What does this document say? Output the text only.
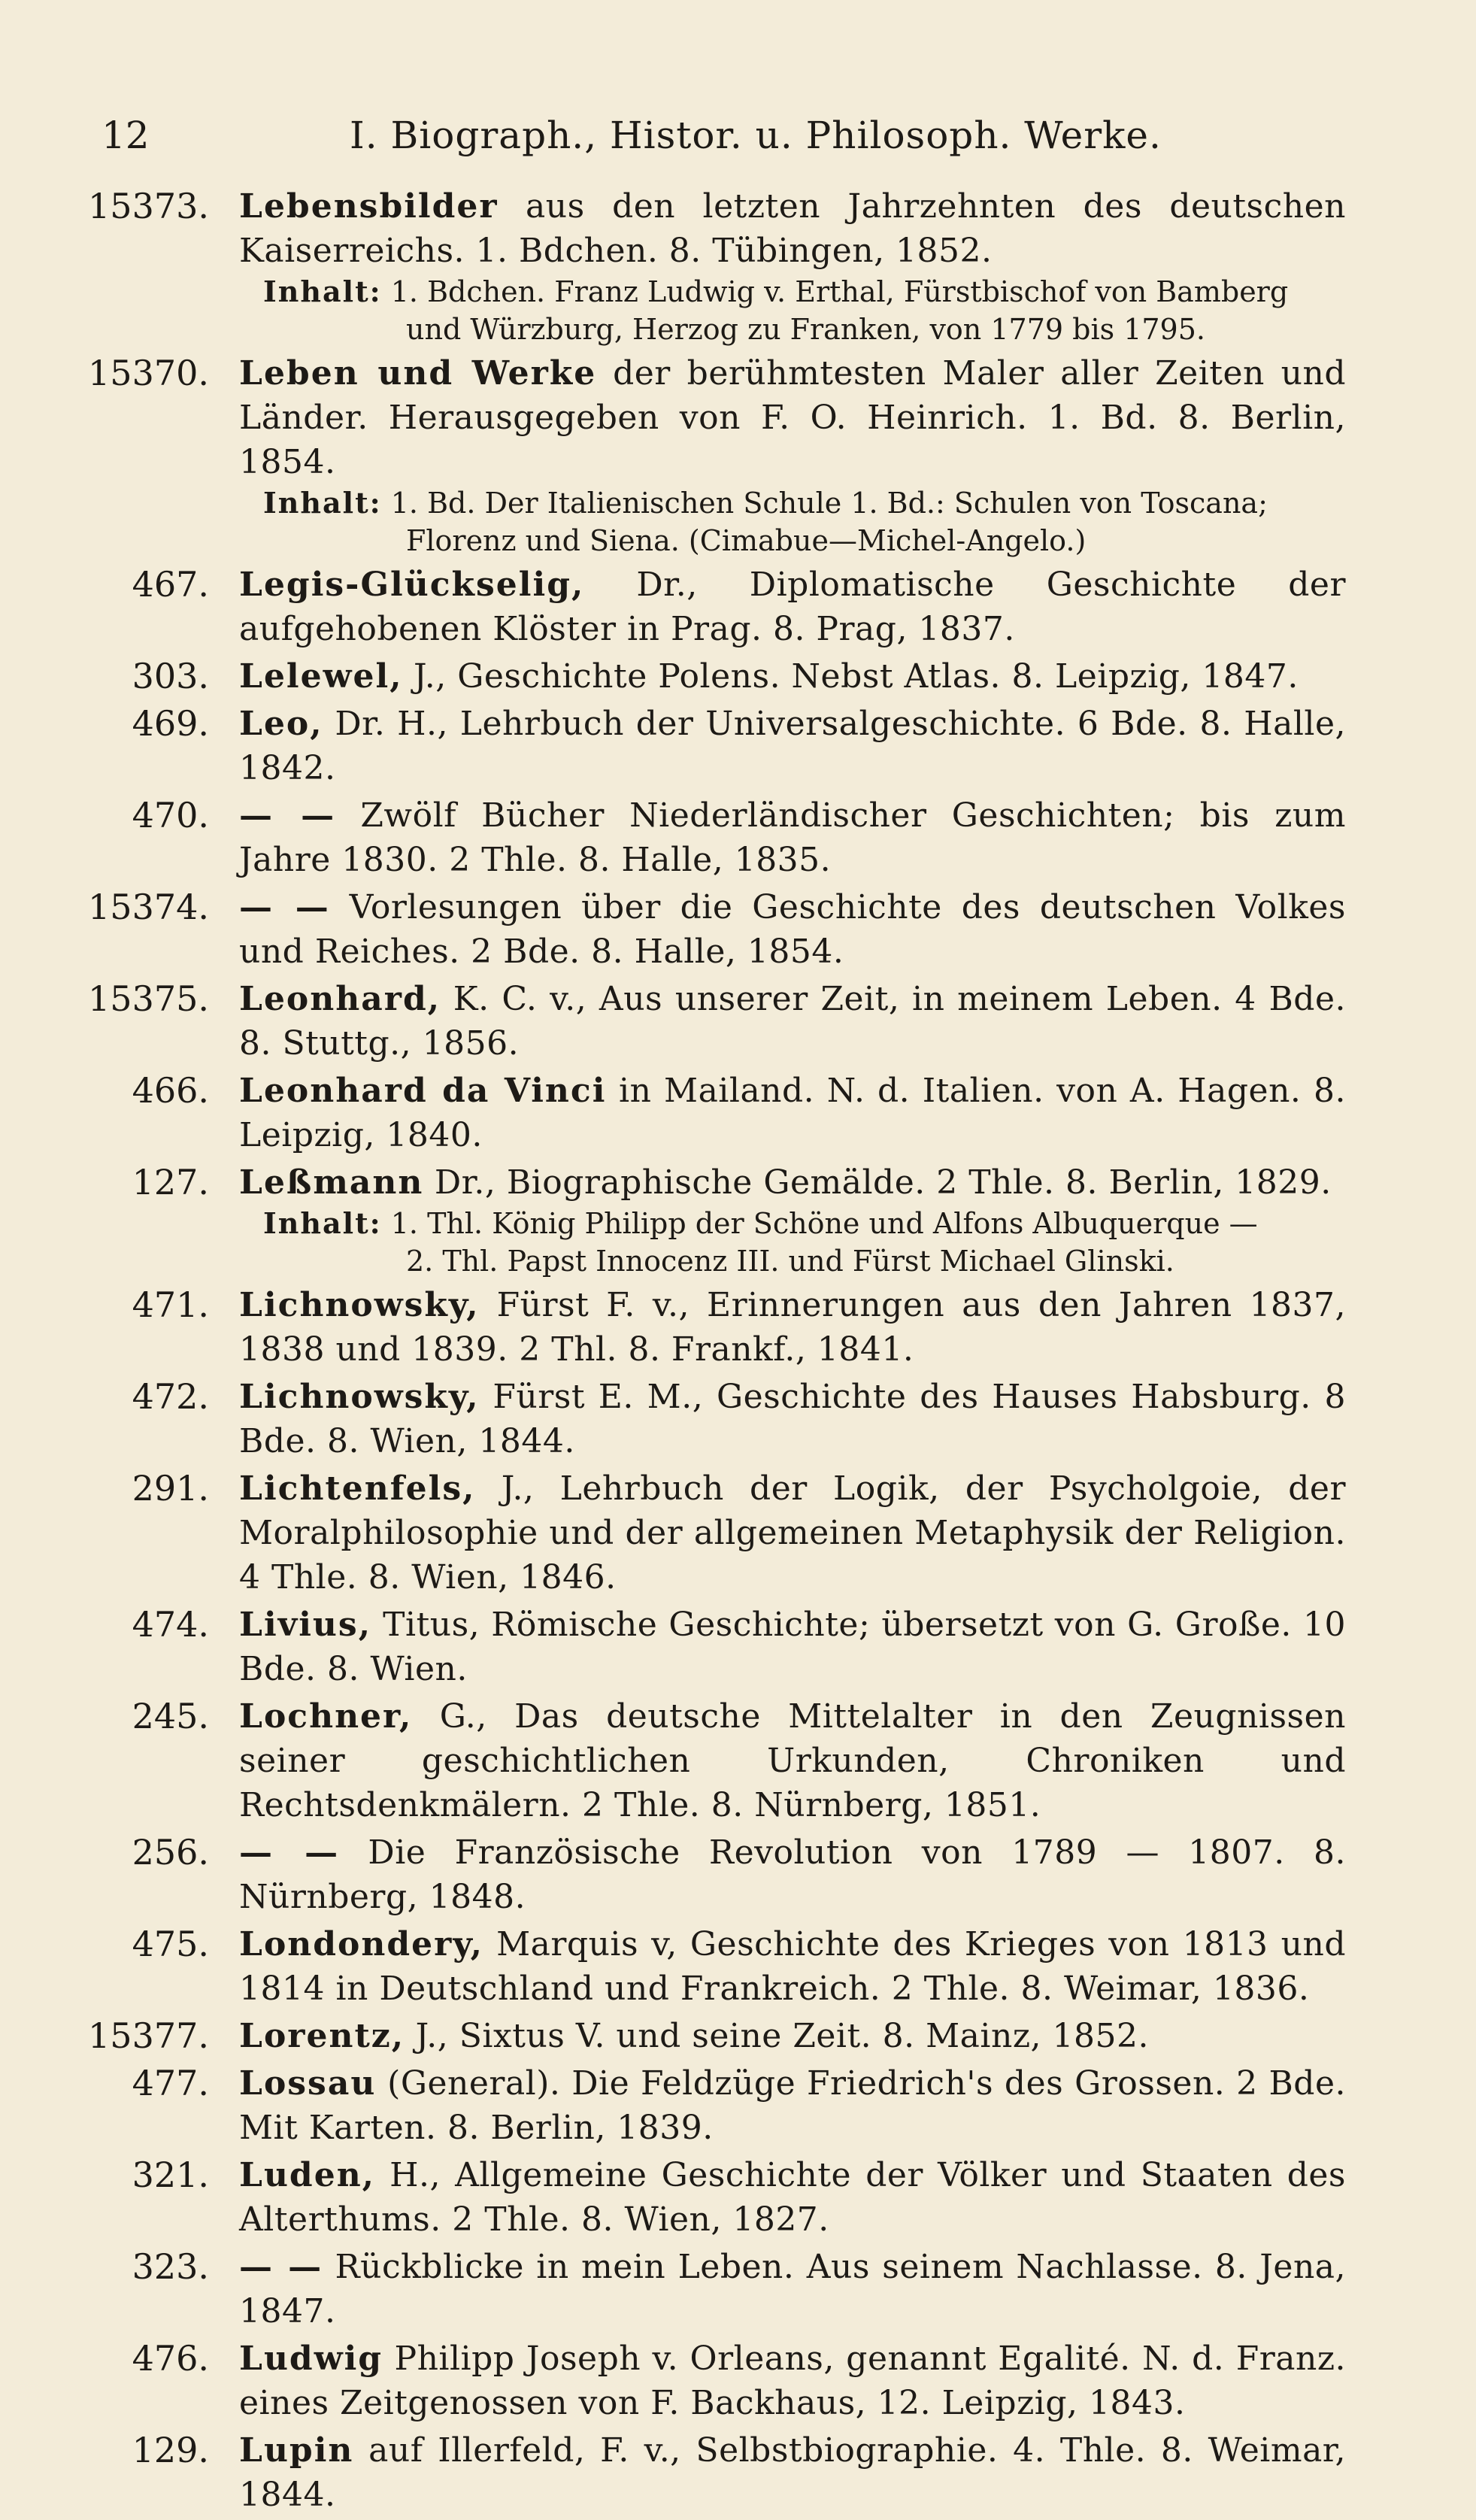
12	I. Biograph., Histor. u. Philosoph. Werke.
15373. Lebensbilder aus den letzten Jahrzehnten des deutschen Kaiserreichs. 1. Bdchen. 8. Tübingen, 1852.
Inhalt: 1. Bdchen. Franz Ludwig v. Erthal, Fürstbischof von Bamberg
und Würzburg, Herzog zu Franken, von 1779 bis 1795.
15370. Leben und Werke der berühmtesten Maler aller Zeiten und Länder. Herausgegeben von F. O. Heinrich. 1. Bd. 8. Berlin, 1854.
Inhalt: 1. Bd. Der Italienischen Schule 1. Bd.: Schulen von Toscana;
Florenz und Siena. (Cimabue—Michel-Angelo.)
467. Legis-Glückselig, Dr., Diplomatische Geschichte der aufgehobenen Klöster in Prag. 8. Prag, 1837.
303. Lelewel, J., Geschichte Polens. Nebst Atlas. 8. Leipzig, 1847.
469. Leo, Dr. H., Lehrbuch der Universalgeschichte. 6 Bde. 8. Halle, 1842.
470. — — Zwölf Bücher Niederländischer Geschichten; bis zum Jahre 1830. 2 Thle. 8. Halle, 1835.
15374. — — Vorlesungen über die Geschichte des deutschen Volkes und Reiches. 2 Bde. 8. Halle, 1854.
15375. Leonhard, K. C. v., Aus unserer Zeit, in meinem Leben. 4 Bde. 8. Stuttg., 1856.
466. Leonhard da Vinci in Mailand. N. d. Italien. von A. Hagen. 8. Leipzig, 1840.
127. Leßmann Dr., Biographische Gemälde. 2 Thle. 8. Berlin, 1829.
Inhalt: 1. Thl. König Philipp der Schöne und Alfons Albuquerque —
2. Thl. Papst Innocenz III. und Fürst Michael Glinski.
471. Lichnowsky, Fürst F. v., Erinnerungen aus den Jahren 1837, 1838 und 1839. 2 Thl. 8. Frankf., 1841.
472. Lichnowsky, Fürst E. M., Geschichte des Hauses Habsburg. 8 Bde. 8. Wien, 1844.
291. Lichtenfels, J., Lehrbuch der Logik, der Psycholgoie, der Moralphilosophie und der allgemeinen Metaphysik der Religion. 4 Thle. 8. Wien, 1846.
474. Livius, Titus, Römische Geschichte; übersetzt von G. Große. 10 Bde. 8. Wien.
245. Lochner, G., Das deutsche Mittelalter in den Zeugnissen seiner geschichtlichen Urkunden, Chroniken und Rechtsdenkmälern. 2 Thle. 8. Nürnberg, 1851.
256. — — Die Französische Revolution von 1789 — 1807. 8. Nürnberg, 1848.
475. Londondery, Marquis v, Geschichte des Krieges von 1813 und 1814 in Deutschland und Frankreich. 2 Thle. 8. Weimar, 1836.
15377. Lorentz, J., Sixtus V. und seine Zeit. 8. Mainz, 1852.
477. Lossau (General). Die Feldzüge Friedrich's des Grossen. 2 Bde. Mit Karten. 8. Berlin, 1839.
321. Luden, H., Allgemeine Geschichte der Völker und Staaten des Alterthums. 2 Thle. 8. Wien, 1827.
323. — — Rückblicke in mein Leben. Aus seinem Nachlasse. 8. Jena, 1847.
476. Ludwig Philipp Joseph v. Orleans, genannt Egalité. N. d. Franz. eines Zeitgenossen von F. Backhaus, 12. Leipzig, 1843.
129. Lupin auf Illerfeld, F. v., Selbstbiographie. 4. Thle. 8. Weimar, 1844.
